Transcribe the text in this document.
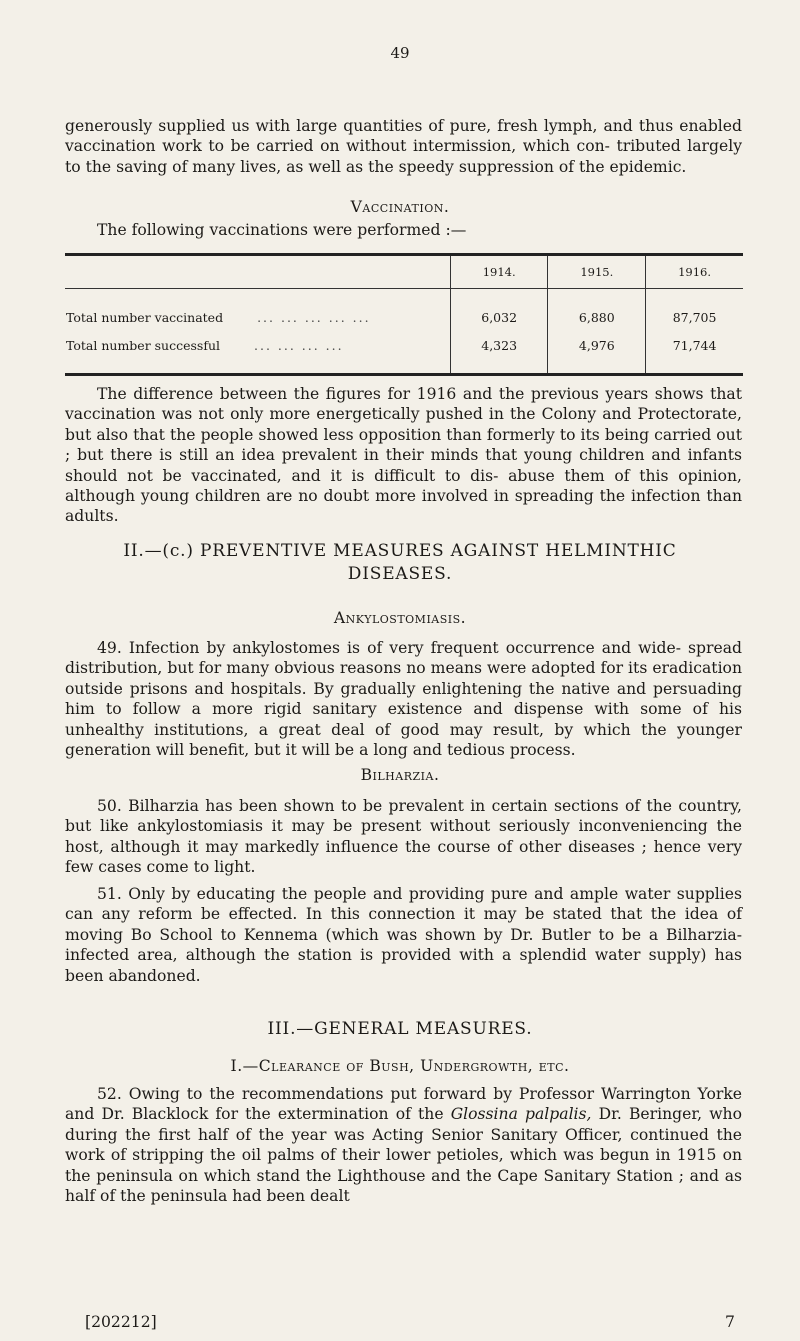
49

generously supplied us with large quantities of pure, fresh lymph, and thus enabled vaccination work to be carried on without intermission, which con- tributed largely to the saving of many lives, as well as the speedy suppression of the epidemic.

Vaccination.

The following vaccinations were performed :—

	1914.	1915.	1916.

Total number vaccinated ... ... ... ... ...	6,032	6,880	87,705
Total number successful ... ... ... ...	4,323	4,976	71,744

The difference between the figures for 1916 and the previous years shows that vaccination was not only more energetically pushed in the Colony and Protectorate, but also that the people showed less opposition than formerly to its being carried out ; but there is still an idea prevalent in their minds that young children and infants should not be vaccinated, and it is difficult to dis- abuse them of this opinion, although young children are no doubt more involved in spreading the infection than adults.

II.—(c.) PREVENTIVE MEASURES AGAINST HELMINTHIC
DISEASES.
Ankylostomiasis.

49. Infection by ankylostomes is of very frequent occurrence and wide- spread distribution, but for many obvious reasons no means were adopted for its eradication outside prisons and hospitals. By gradually enlightening the native and persuading him to follow a more rigid sanitary existence and dispense with some of his unhealthy institutions, a great deal of good may result, by which the younger generation will benefit, but it will be a long and tedious process.

Bilharzia.

50. Bilharzia has been shown to be prevalent in certain sections of the country, but like ankylostomiasis it may be present without seriously inconveniencing the host, although it may markedly influence the course of other diseases ; hence very few cases come to light.

51. Only by educating the people and providing pure and ample water supplies can any reform be effected. In this connection it may be stated that the idea of moving Bo School to Kennema (which was shown by Dr. Butler to be a Bilharzia-infected area, although the station is provided with a splendid water supply) has been abandoned.

III.—GENERAL MEASURES.
I.—Clearance of Bush, Undergrowth, etc.

52. Owing to the recommendations put forward by Professor Warrington Yorke and Dr. Blacklock for the extermination of the Glossina palpalis, Dr. Beringer, who during the first half of the year was Acting Senior Sanitary Officer, continued the work of stripping the oil palms of their lower petioles, which was begun in 1915 on the peninsula on which stand the Lighthouse and the Cape Sanitary Station ; and as half of the peninsula had been dealt

[202212]	7
